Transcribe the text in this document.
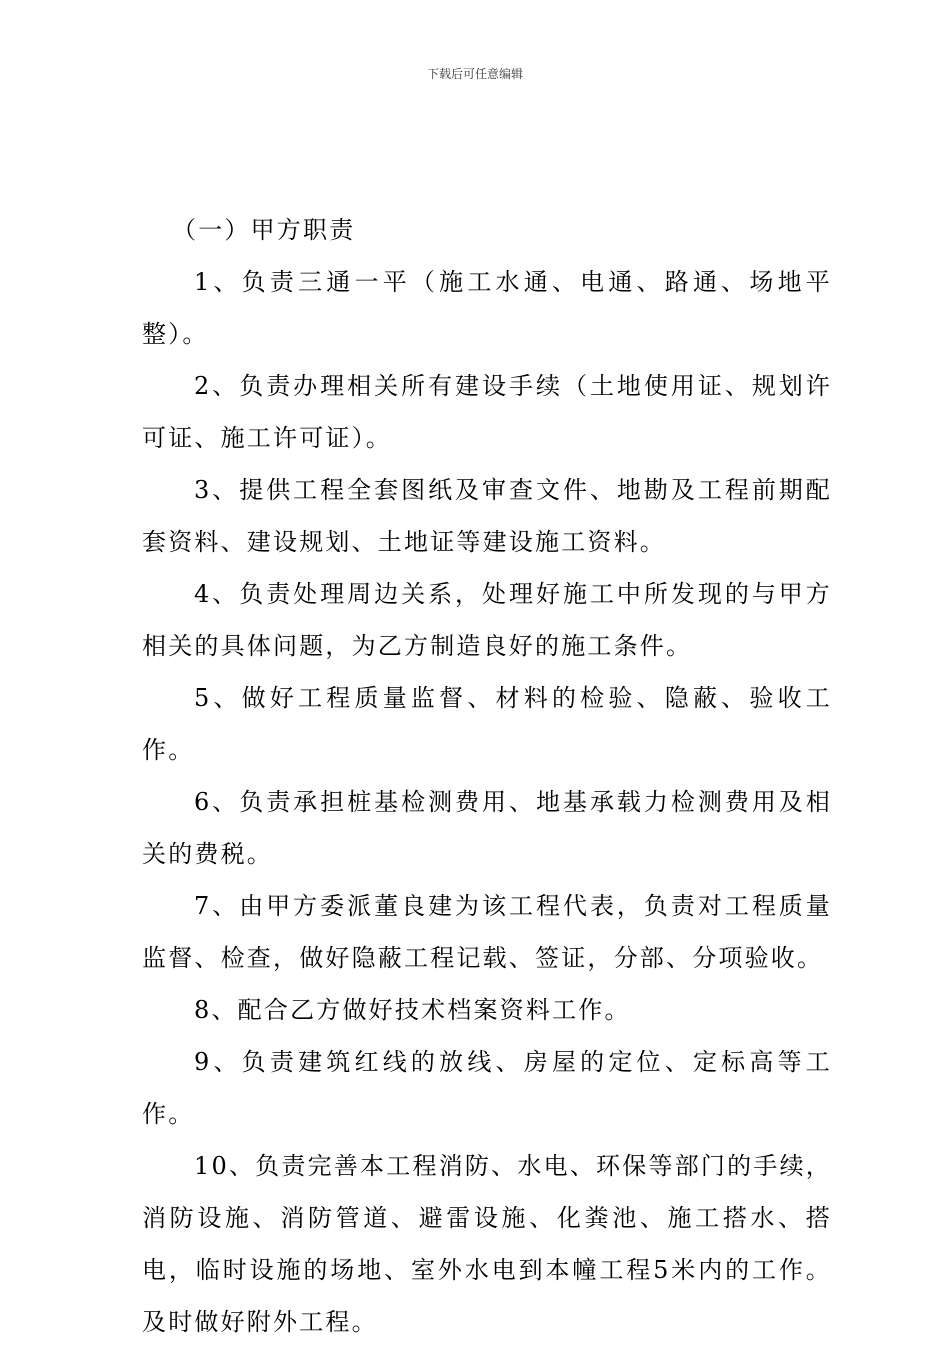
下载后可任意编辑

（一）甲方职责

1、负责三通一平（施工水通、电通、路通、场地平整）。

2、负责办理相关所有建设手续（土地使用证、规划许可证、施工许可证）。

3、提供工程全套图纸及审查文件、地勘及工程前期配套资料、建设规划、土地证等建设施工资料。

4、负责处理周边关系，处理好施工中所发现的与甲方相关的具体问题，为乙方制造良好的施工条件。

5、做好工程质量监督、材料的检验、隐蔽、验收工作。

6、负责承担桩基检测费用、地基承载力检测费用及相关的费税。

7、由甲方委派董良建为该工程代表，负责对工程质量监督、检查，做好隐蔽工程记载、签证，分部、分项验收。

8、配合乙方做好技术档案资料工作。

9、负责建筑红线的放线、房屋的定位、定标高等工作。

10、负责完善本工程消防、水电、环保等部门的手续，消防设施、消防管道、避雷设施、化粪池、施工搭水、搭电，临时设施的场地、室外水电到本幢工程5米内的工作。及时做好附外工程。
